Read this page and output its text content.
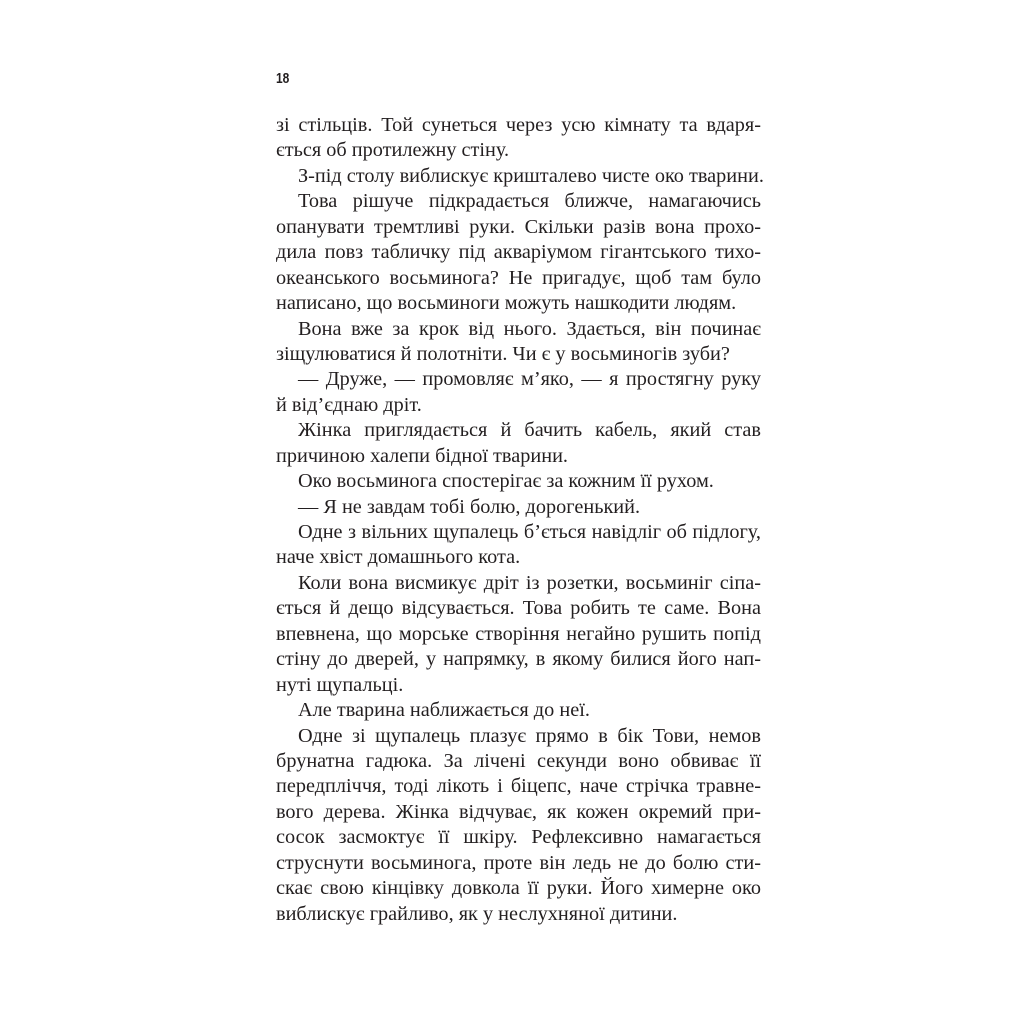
18
зі стільців. Той сунеться через усю кімнату та вдаря-
ється об протилежну стіну.
З-під столу виблискує кришталево чисте око тварини.
Това рішуче підкрадається ближче, намагаючись
опанувати тремтливі руки. Скільки разів вона прохо-
дила повз табличку під акваріумом гігантського тихо-
океанського восьминога? Не пригадує, щоб там було
написано, що восьминоги можуть нашкодити людям.
Вона вже за крок від нього. Здається, він починає
зіщулюватися й полотніти. Чи є у восьминогів зуби?
— Друже, — промовляє м’яко, — я простягну руку
й від’єднаю дріт.
Жінка приглядається й бачить кабель, який став
причиною халепи бідної тварини.
Око восьминога спостерігає за кожним її рухом.
— Я не завдам тобі болю, дорогенький.
Одне з вільних щупалець б’ється навідліг об підлогу,
наче хвіст домашнього кота.
Коли вона висмикує дріт із розетки, восьминіг сіпа-
ється й дещо відсувається. Това робить те саме. Вона
впевнена, що морське створіння негайно рушить попід
стіну до дверей, у напрямку, в якому билися його нап-
нуті щупальці.
Але тварина наближається до неї.
Одне зі щупалець плазує прямо в бік Тови, немов
брунатна гадюка. За лічені секунди воно обвиває її
передпліччя, тоді лікоть і біцепс, наче стрічка травне-
вого дерева. Жінка відчуває, як кожен окремий при-
сосок засмоктує її шкіру. Рефлексивно намагається
струснути восьминога, проте він ледь не до болю сти-
скає свою кінцівку довкола її руки. Його химерне око
виблискує грайливо, як у неслухняної дитини.
